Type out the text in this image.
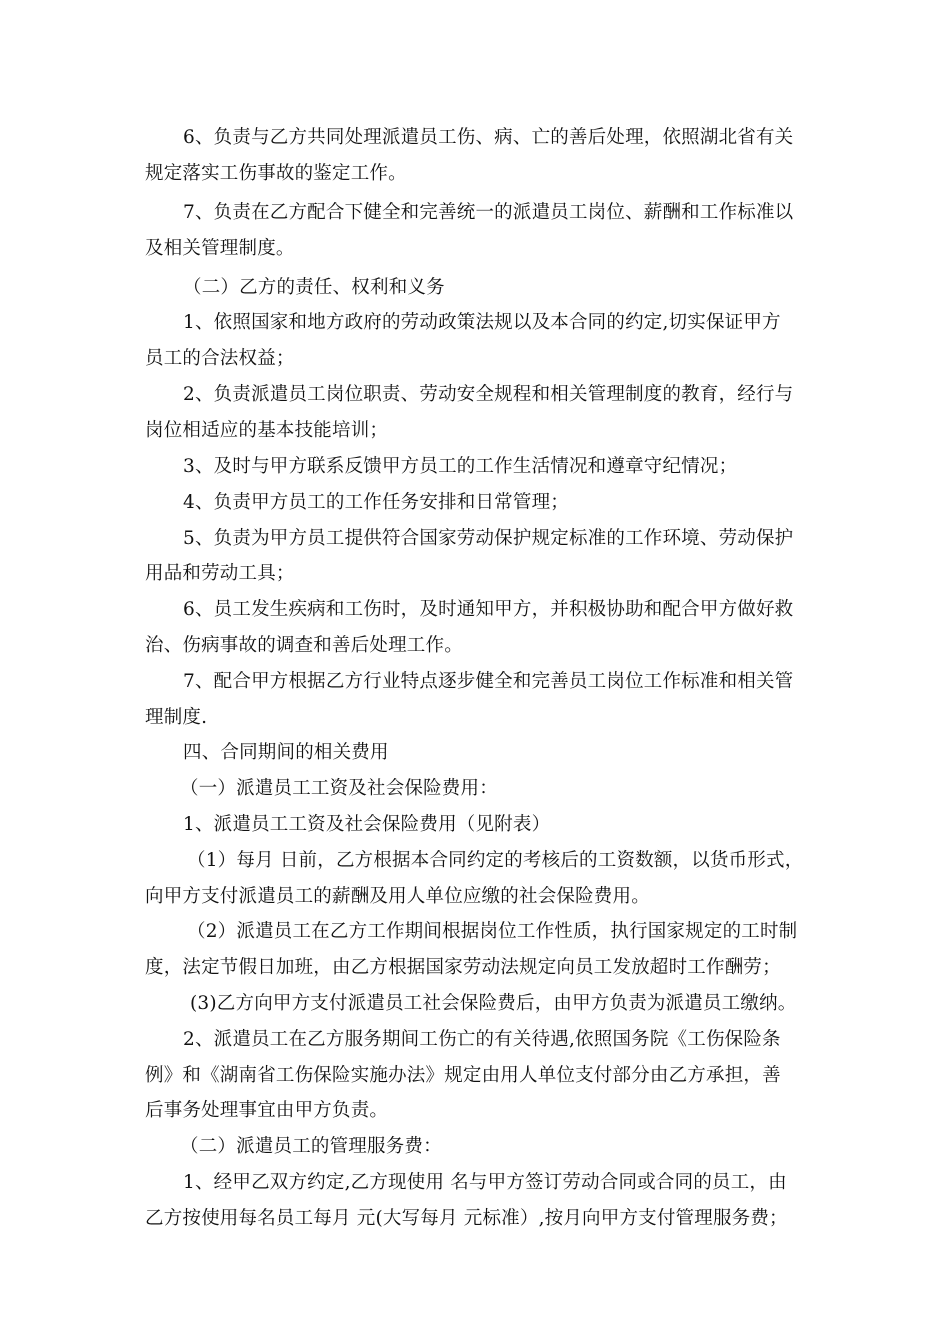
6、负责与乙方共同处理派遣员工伤、病、亡的善后处理，依照湖北省有关
规定落实工伤事故的鉴定工作。
7、负责在乙方配合下健全和完善统一的派遣员工岗位、薪酬和工作标准以
及相关管理制度。
（二）乙方的责任、权利和义务
1、依照国家和地方政府的劳动政策法规以及本合同的约定,切实保证甲方
员工的合法权益；
2、负责派遣员工岗位职责、劳动安全规程和相关管理制度的教育，经行与
岗位相适应的基本技能培训；
3、及时与甲方联系反馈甲方员工的工作生活情况和遵章守纪情况；
4、负责甲方员工的工作任务安排和日常管理；
5、负责为甲方员工提供符合国家劳动保护规定标准的工作环境、劳动保护
用品和劳动工具；
6、员工发生疾病和工伤时，及时通知甲方，并积极协助和配合甲方做好救
治、伤病事故的调查和善后处理工作。
7、配合甲方根据乙方行业特点逐步健全和完善员工岗位工作标准和相关管
理制度.
四、合同期间的相关费用
（一）派遣员工工资及社会保险费用：
1、派遣员工工资及社会保险费用（见附表）
（1）每月 日前，乙方根据本合同约定的考核后的工资数额，以货币形式，
向甲方支付派遣员工的薪酬及用人单位应缴的社会保险费用。
（2）派遣员工在乙方工作期间根据岗位工作性质，执行国家规定的工时制
度，法定节假日加班，由乙方根据国家劳动法规定向员工发放超时工作酬劳；
(3)乙方向甲方支付派遣员工社会保险费后，由甲方负责为派遣员工缴纳。
2、派遣员工在乙方服务期间工伤亡的有关待遇,依照国务院《工伤保险条
例》和《湖南省工伤保险实施办法》规定由用人单位支付部分由乙方承担，善
后事务处理事宜由甲方负责。
（二）派遣员工的管理服务费：
1、经甲乙双方约定,乙方现使用 名与甲方签订劳动合同或合同的员工，由
乙方按使用每名员工每月 元(大写每月 元标准）,按月向甲方支付管理服务费；
